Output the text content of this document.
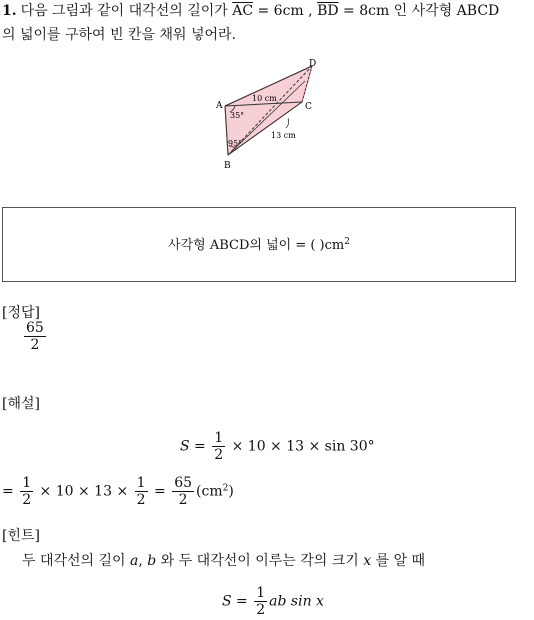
1. 다음 그림과 같이 대각선의 길이가 $\overline{AC} = 6cm$ , $\overline{BD} = 8cm$ 인 사각형 ABCD
의 넓이를 구하여 빈 칸을 채워 넣어라.
A
B
C
D
10 cm
13 cm
35°
95°
사각형 ABCD의 넓이 = ( )$cm^2$
[정답]
$\frac{65}{2}$
[해설]
$S = \frac{1}{2} \times 10 \times 13 \times \sin 30^\circ$
= $\frac{1}{2} \times 10 \times 13 \times \frac{1}{2} = \frac{65}{2} (cm^2)$
[힌트]
두 대각선의 길이 a, b 와 두 대각선이 이루는 각의 크기 x 를 알 때
$S = \frac{1}{2}$ ab sin x
